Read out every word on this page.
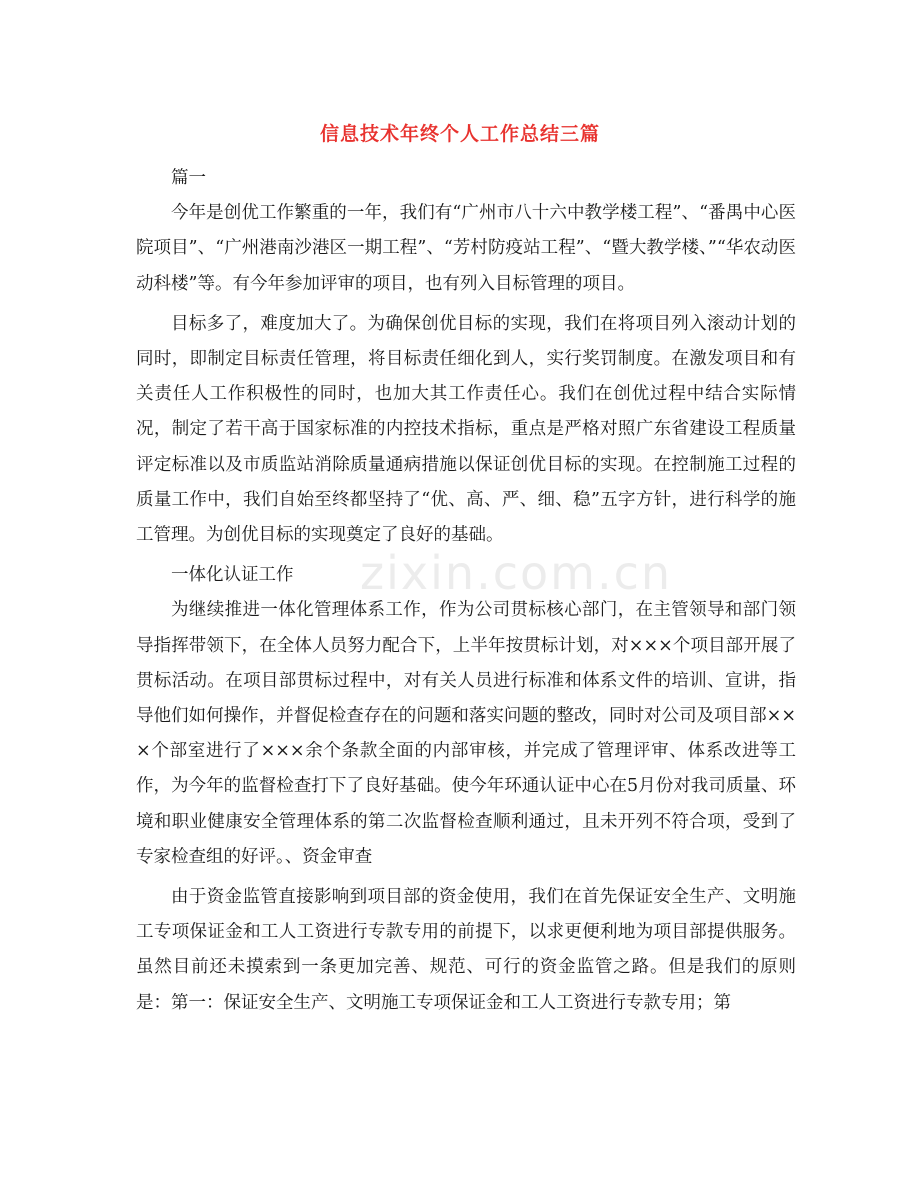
信息技术年终个人工作总结三篇

篇一

今年是创优工作繁重的一年，我们有“广州市八十六中教学楼工程”、“番禺中心医院项目”、“广州港南沙港区一期工程”、“芳村防疫站工程”、“暨大教学楼、”“华农动医动科楼”等。有今年参加评审的项目，也有列入目标管理的项目。

目标多了，难度加大了。为确保创优目标的实现，我们在将项目列入滚动计划的同时，即制定目标责任管理，将目标责任细化到人，实行奖罚制度。在激发项目和有关责任人工作积极性的同时，也加大其工作责任心。我们在创优过程中结合实际情况，制定了若干高于国家标准的内控技术指标，重点是严格对照广东省建设工程质量评定标准以及市质监站消除质量通病措施以保证创优目标的实现。在控制施工过程的质量工作中，我们自始至终都坚持了“优、高、严、细、稳”五字方针，进行科学的施工管理。为创优目标的实现奠定了良好的基础。

一体化认证工作

为继续推进一体化管理体系工作，作为公司贯标核心部门，在主管领导和部门领导指挥带领下，在全体人员努力配合下，上半年按贯标计划，对×××个项目部开展了贯标活动。在项目部贯标过程中，对有关人员进行标准和体系文件的培训、宣讲，指导他们如何操作，并督促检查存在的问题和落实问题的整改，同时对公司及项目部×××个部室进行了×××余个条款全面的内部审核，并完成了管理评审、体系改进等工作，为今年的监督检查打下了良好基础。使今年环通认证中心在5月份对我司质量、环境和职业健康安全管理体系的第二次监督检查顺利通过，且未开列不符合项，受到了专家检查组的好评。、资金审查

由于资金监管直接影响到项目部的资金使用，我们在首先保证安全生产、文明施工专项保证金和工人工资进行专款专用的前提下，以求更便利地为项目部提供服务。虽然目前还未摸索到一条更加完善、规范、可行的资金监管之路。但是我们的原则是：第一：保证安全生产、文明施工专项保证金和工人工资进行专款专用；第

zixin.com.cn
